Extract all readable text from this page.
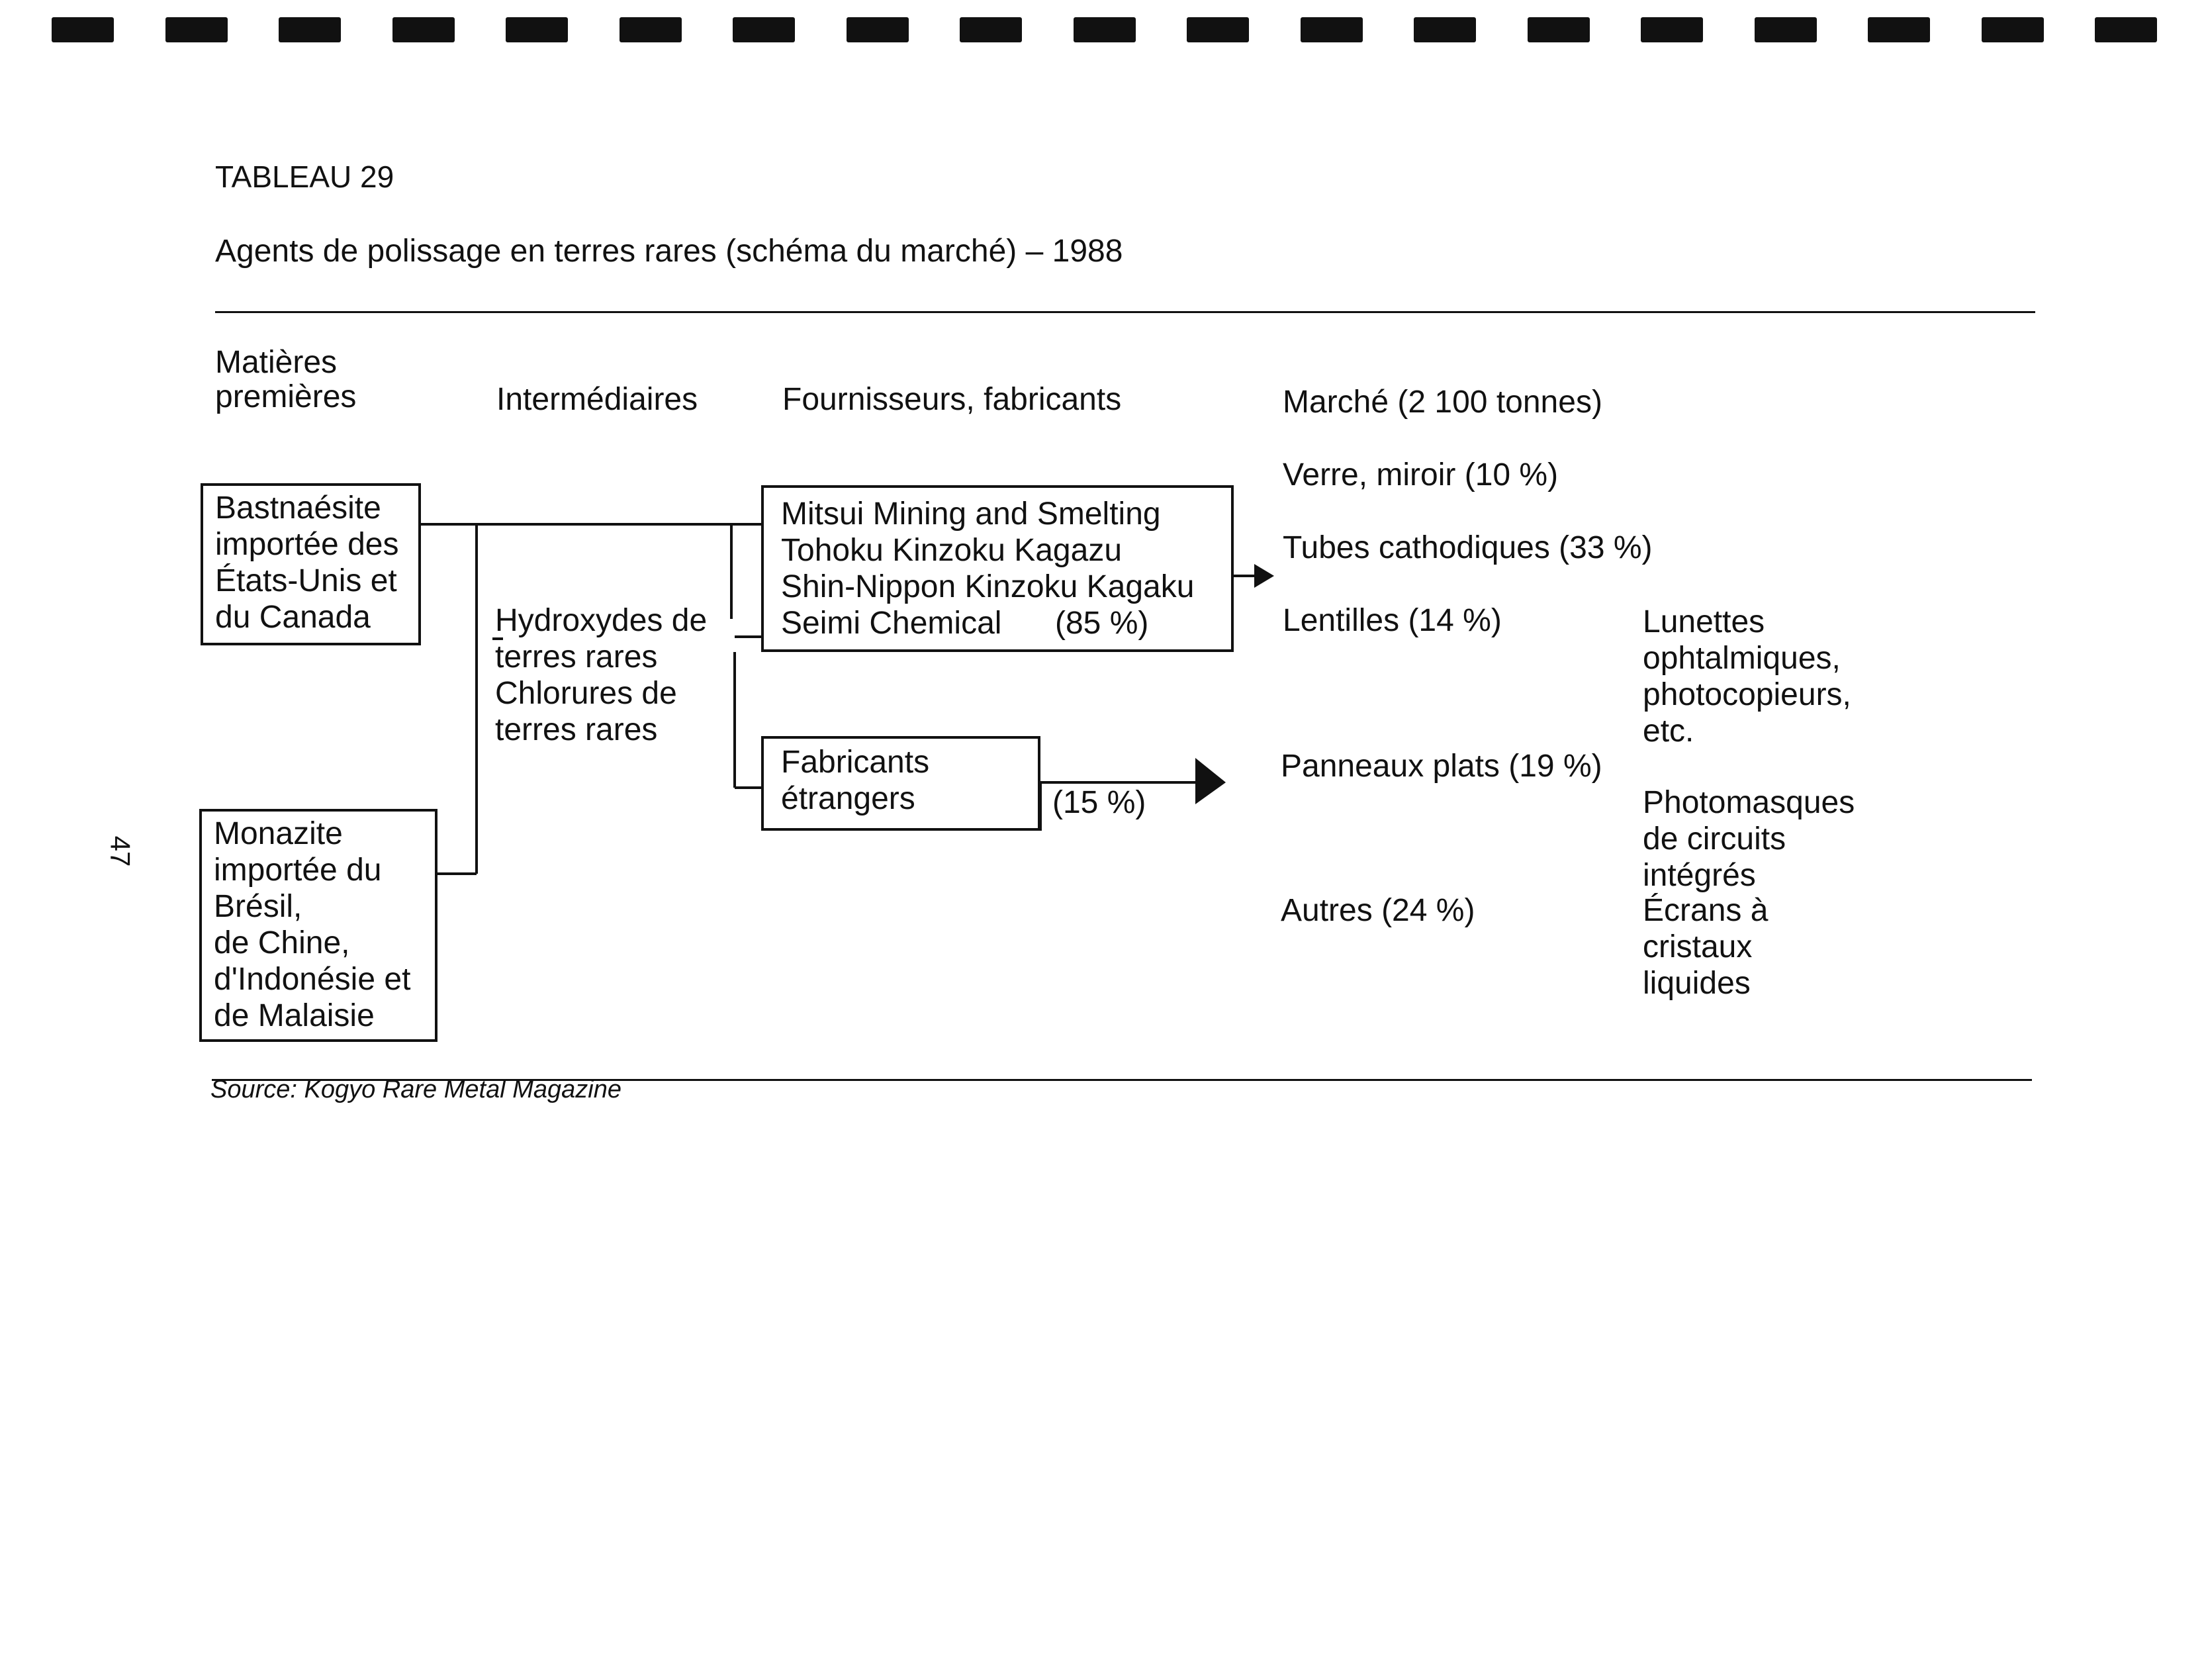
TABLEAU 29
Agents de polissage en terres rares (schéma du marché) – 1988
Matières
premières	Intermédiaires	Fournisseurs, fabricants	Marché (2 100 tonnes)
Bastnaésite
importée des
États-Unis et
du Canada
Monazite
importée du
Brésil,
de Chine,
d'Indonésie et
de Malaisie
Hydroxydes de
terres rares
Chlorures de
terres rares
Mitsui Mining and Smelting
Tohoku Kinzoku Kagazu
Shin-Nippon Kinzoku Kagaku
Seimi Chemical	(85 %)
Fabricants
étrangers	(15 %)
Verre, miroir (10 %)
Tubes cathodiques (33 %)
Lentilles (14 %)
Panneaux plats (19 %)
Autres (24 %)
Lunettes
ophtalmiques,
photocopieurs,
etc.
Photomasques
de circuits
intégrés
Écrans à
cristaux
liquides
Source: Kogyo Rare Metal Magazine
47
